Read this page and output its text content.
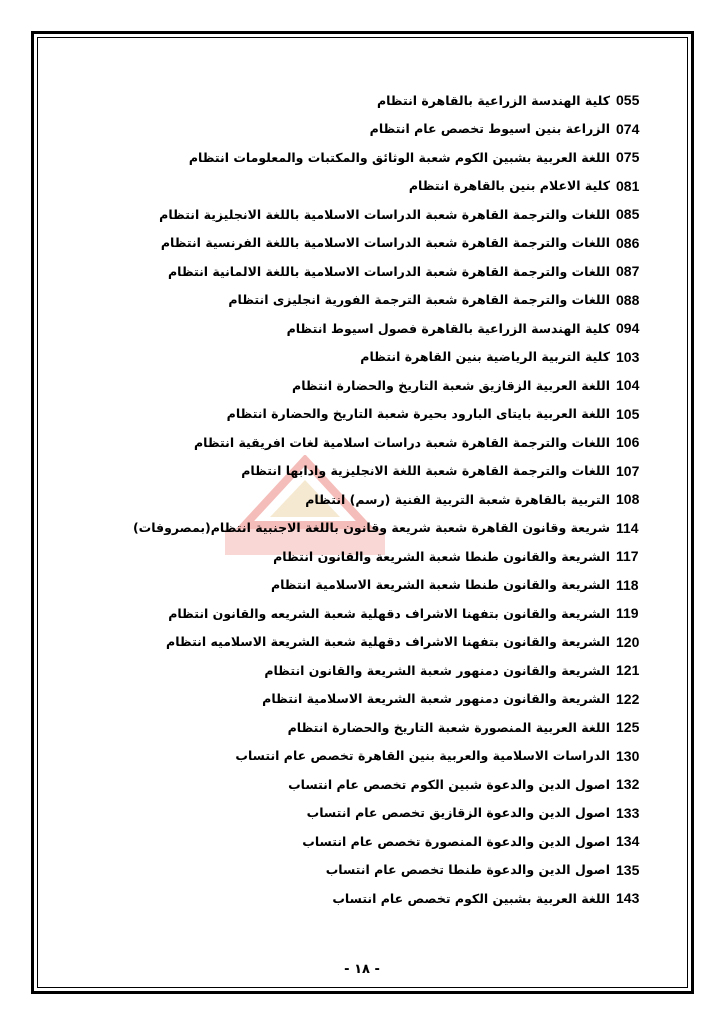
055
كلية الهندسة الزراعية بالقاهرة انتظام
074
الزراعة بنين اسيوط تخصص عام انتظام
075
اللغة العربية بشبين الكوم شعبة الوثائق والمكتبات والمعلومات انتظام
081
كلية الاعلام بنين بالقاهرة انتظام
085
اللغات والترجمة القاهرة شعبة الدراسات الاسلامية باللغة الانجليزية انتظام
086
اللغات والترجمة القاهرة شعبة الدراسات الاسلامية باللغة الفرنسية انتظام
087
اللغات والترجمة القاهرة شعبة الدراسات الاسلامية باللغة الالمانية انتظام
088
اللغات والترجمة القاهرة شعبة الترجمة الفورية انجليزى انتظام
094
كلية الهندسة الزراعية بالقاهرة فصول اسيوط انتظام
103
كلية التربية الرياضية بنين القاهرة انتظام
104
اللغة العربية الزقازيق شعبة التاريخ والحضارة انتظام
105
اللغة العربية بايتاى البارود بحيرة شعبة التاريخ والحضارة انتظام
106
اللغات والترجمة القاهرة شعبة دراسات اسلامية لغات افريقية انتظام
107
اللغات والترجمة القاهرة شعبة اللغة الانجليزية وادابها انتظام
108
التربية بالقاهرة شعبة التربية الفنية (رسم) انتظام
114
شريعة وقانون القاهرة شعبة شريعة وقانون باللغة الاجنبية انتظام(بمصروفات)
117
الشريعة والقانون طنطا شعبة الشريعة والقانون انتظام
118
الشريعة والقانون طنطا شعبة الشريعة الاسلامية انتظام
119
الشريعة والقانون بتفهنا الاشراف دقهلية شعبة الشريعه والقانون انتظام
120
الشريعة والقانون بتفهنا الاشراف دقهلية شعبة الشريعة الاسلاميه انتظام
121
الشريعة والقانون دمنهور شعبة الشريعة والقانون انتظام
122
الشريعة والقانون دمنهور شعبة الشريعة الاسلامية انتظام
125
اللغة العربية المنصورة شعبة التاريخ والحضارة انتظام
130
الدراسات الاسلامية والعربية بنين القاهرة تخصص عام انتساب
132
اصول الدين والدعوة شبين الكوم تخصص عام انتساب
133
اصول الدين والدعوة الزقازيق تخصص عام انتساب
134
اصول الدين والدعوة المنصورة تخصص عام انتساب
135
اصول الدين والدعوة طنطا تخصص عام انتساب
143
اللغة العربية بشبين الكوم تخصص عام انتساب
- ١٨ -
